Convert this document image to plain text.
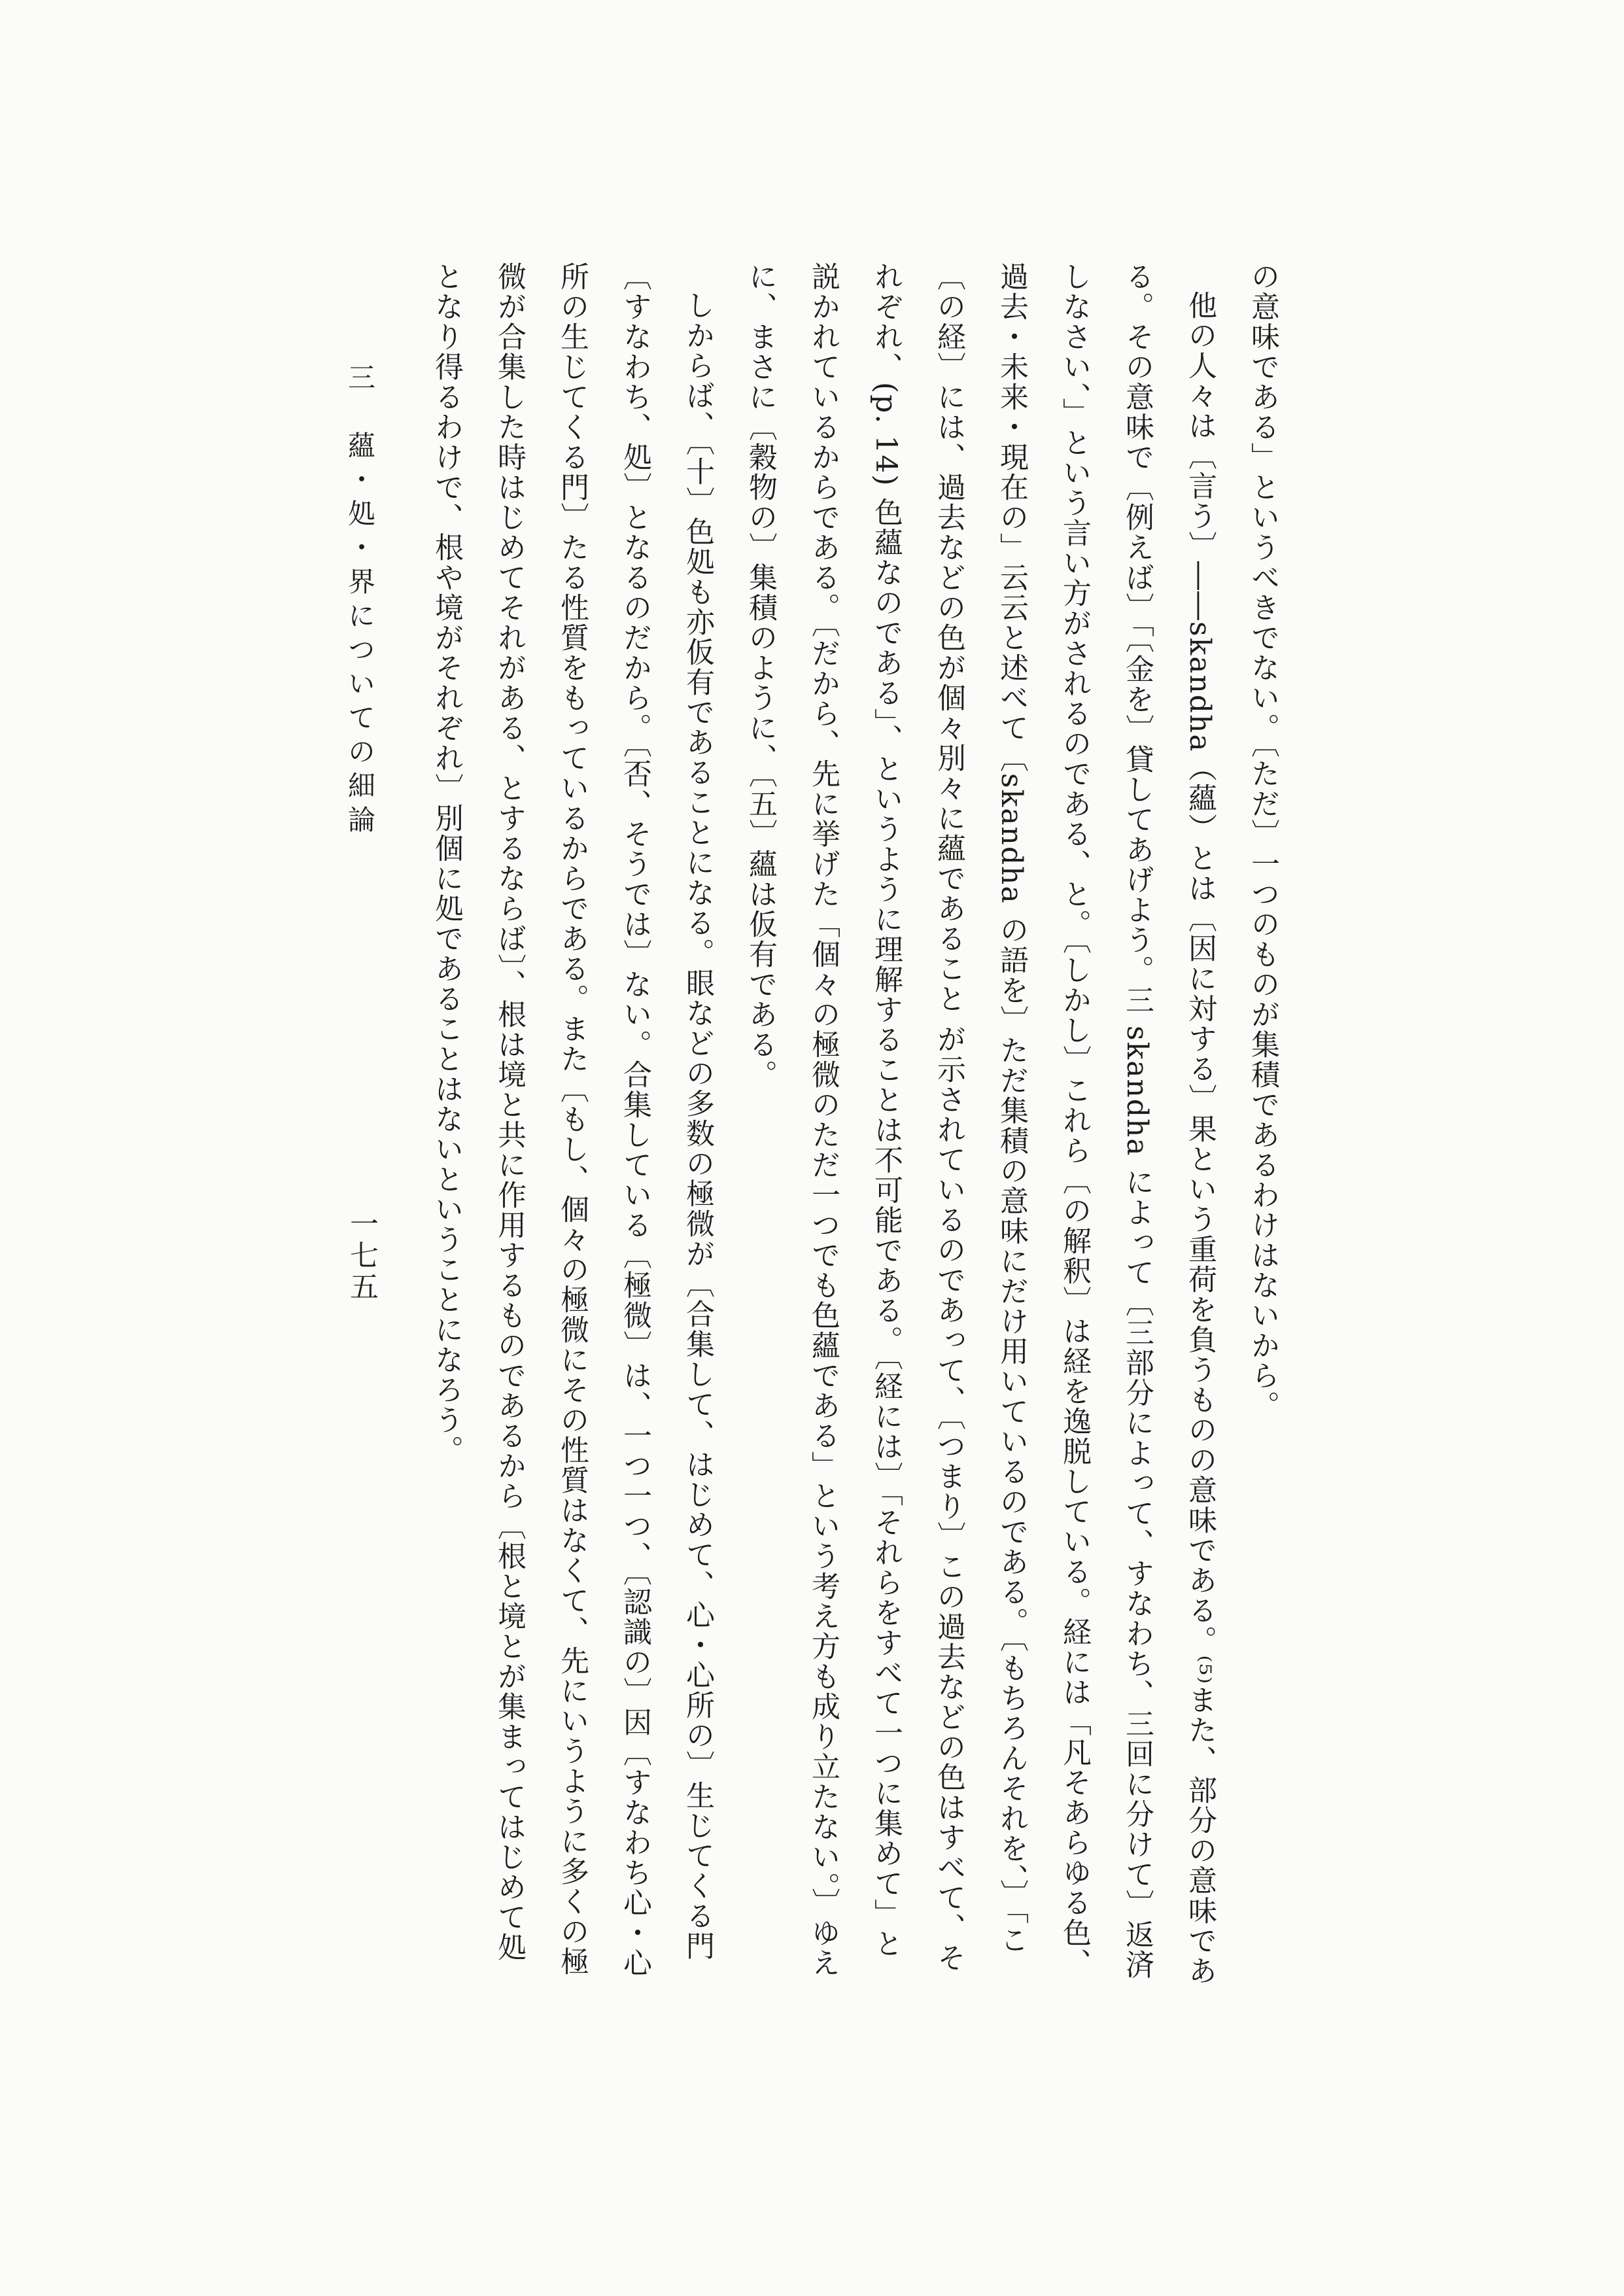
の意味である」というべきでない。〔ただ〕一つのものが集積であるわけはないから。

他の人々は〔言う〕――skandha（蘊）とは〔因に対する〕果という重荷を負うものの意味である。⁽⁵⁾また、部分の意味である。その意味で〔例えば〕「〔金を〕貸してあげよう。三 skandha によって〔三部分によって、すなわち、三回に分けて〕返済しなさい、」という言い方がされるのである、と。〔しかし〕これら〔の解釈〕は経を逸脱している。経には「凡そあらゆる色、過去・未来・現在の」云云と述べて〔skandha の語を〕ただ集積の意味にだけ用いているのである。〔もちろんそれを、〕「こ〔の経〕には、過去などの色が個々別々に蘊であること が示されているのであって、〔つまり〕この過去などの色はすべて、それぞれ、(p. 14) 色蘊なのである」、というように理解することは不可能である。〔経には〕「それらをすべて一つに集めて」と説かれているからである。〔だから、先に挙げた「個々の極微のただ一つでも色蘊である」という考え方も成り立たない。〕ゆえに、まさに〔穀物の〕集積のように、〔五〕蘊は仮有である。

しからば、〔十〕色処も亦仮有であることになる。眼などの多数の極微が〔合集して、はじめて、心・心所の〕生じてくる門〔すなわち、処〕となるのだから。〔否、そうでは〕ない。合集している〔極微〕は、一つ一つ、〔認識の〕因〔すなわち心・心所の生じてくる門〕たる性質をもっているからである。また〔もし、個々の極微にその性質はなくて、先にいうように多くの極微が合集した時はじめてそれがある、とするならば〕、根は境と共に作用するものであるから〔根と境とが集まってはじめて処となり得るわけで、根や境がそれぞれ〕別個に処であることはないということになろう。

一七五
三　蘊・処・界についての細論
